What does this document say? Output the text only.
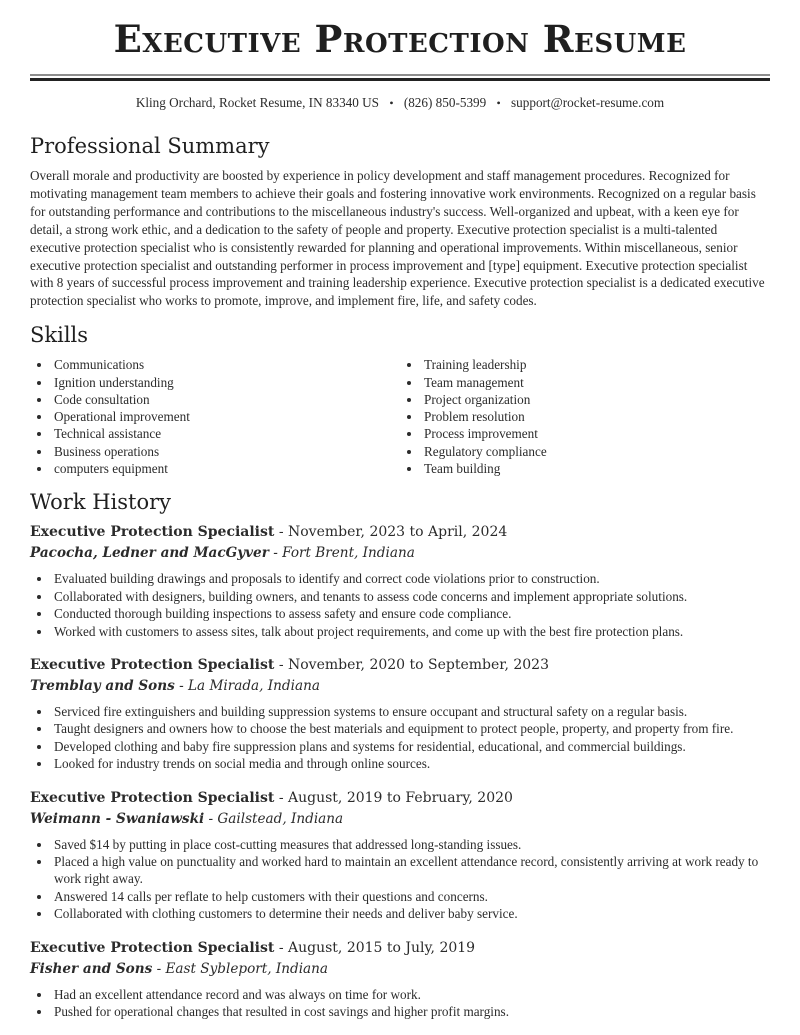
Executive Protection Resume

Kling Orchard, Rocket Resume, IN 83340 US • (826) 850-5399 • support@rocket-resume.com

Professional Summary

Overall morale and productivity are boosted by experience in policy development and staff management procedures. Recognized for motivating management team members to achieve their goals and fostering innovative work environments. Recognized on a regular basis for outstanding performance and contributions to the miscellaneous industry's success. Well-organized and upbeat, with a keen eye for detail, a strong work ethic, and a dedication to the safety of people and property. Executive protection specialist is a multi-talented executive protection specialist who is consistently rewarded for planning and operational improvements. Within miscellaneous, senior executive protection specialist and outstanding performer in process improvement and [type] equipment. Executive protection specialist with 8 years of successful process improvement and training leadership experience. Executive protection specialist is a dedicated executive protection specialist who works to promote, improve, and implement fire, life, and safety codes.

Skills
• Communications
• Ignition understanding
• Code consultation
• Operational improvement
• Technical assistance
• Business operations
• computers equipment
• Training leadership
• Team management
• Project organization
• Problem resolution
• Process improvement
• Regulatory compliance
• Team building
Work History

Executive Protection Specialist - November, 2023 to April, 2024

Pacocha, Ledner and MacGyver - Fort Brent, Indiana

• Evaluated building drawings and proposals to identify and correct code violations prior to construction.
• Collaborated with designers, building owners, and tenants to assess code concerns and implement appropriate solutions.
• Conducted thorough building inspections to assess safety and ensure code compliance.
• Worked with customers to assess sites, talk about project requirements, and come up with the best fire protection plans.

Executive Protection Specialist - November, 2020 to September, 2023

Tremblay and Sons - La Mirada, Indiana

• Serviced fire extinguishers and building suppression systems to ensure occupant and structural safety on a regular basis.
• Taught designers and owners how to choose the best materials and equipment to protect people, property, and property from fire.
• Developed clothing and baby fire suppression plans and systems for residential, educational, and commercial buildings.
• Looked for industry trends on social media and through online sources.

Executive Protection Specialist - August, 2019 to February, 2020

Weimann - Swaniawski - Gailstead, Indiana

• Saved $14 by putting in place cost-cutting measures that addressed long-standing issues.
• Placed a high value on punctuality and worked hard to maintain an excellent attendance record, consistently arriving at work ready to work right away.
• Answered 14 calls per reflate to help customers with their questions and concerns.
• Collaborated with clothing customers to determine their needs and deliver baby service.

Executive Protection Specialist - August, 2015 to July, 2019

Fisher and Sons - East Sybleport, Indiana

• Had an excellent attendance record and was always on time for work.
• Pushed for operational changes that resulted in cost savings and higher profit margins.
